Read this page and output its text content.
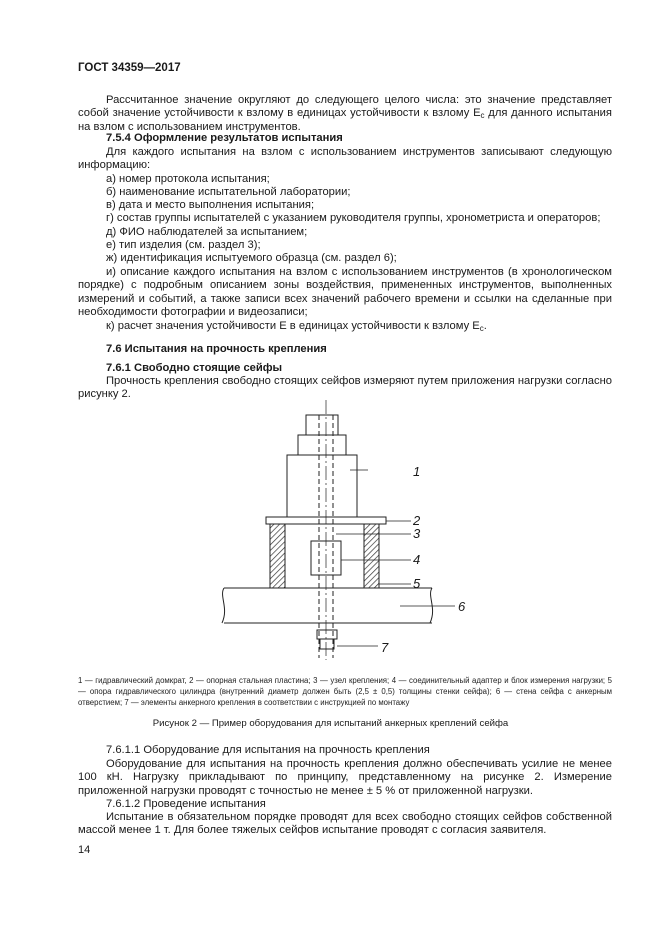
ГОСТ 34359—2017
Рассчитанное значение округляют до следующего целого числа: это значение представляет собой значение устойчивости к взлому в единицах устойчивости к взлому $E_c$ для данного испытания на взлом с использованием инструментов.
7.5.4 Оформление результатов испытания
Для каждого испытания на взлом с использованием инструментов записывают следующую информацию:
а) номер протокола испытания;
б) наименование испытательной лаборатории;
в) дата и место выполнения испытания;
г) состав группы испытателей с указанием руководителя группы, хронометриста и операторов;
д) ФИО наблюдателей за испытанием;
е) тип изделия (см. раздел 3);
ж) идентификация испытуемого образца (см. раздел 6);
и) описание каждого испытания на взлом с использованием инструментов (в хронологическом порядке) с подробным описанием зоны воздействия, примененных инструментов, выполненных измерений и событий, а также записи всех значений рабочего времени и ссылки на сделанные при необходимости фотографии и видеозаписи;
к) расчет значения устойчивости E в единицах устойчивости к взлому $E_c$.
7.6 Испытания на прочность крепления
7.6.1 Свободно стоящие сейфы
Прочность крепления свободно стоящих сейфов измеряют путем приложения нагрузки согласно рисунку 2.
1
2
3
4
5
6
7
1 — гидравлический домкрат, 2 — опорная стальная пластина; 3 — узел крепления; 4 — соединительный адаптер и блок измерения нагрузки; 5 — опора гидравлического цилиндра (внутренний диаметр должен быть (2,5 ± 0,5) толщины стенки сейфа); 6 — стена сейфа с анкерным отверстием; 7 — элементы анкерного крепления в соответствии с инструкцией по монтажу
Рисунок 2 — Пример оборудования для испытаний анкерных креплений сейфа
7.6.1.1 Оборудование для испытания на прочность крепления
Оборудование для испытания на прочность крепления должно обеспечивать усилие не менее 100 кН. Нагрузку прикладывают по принципу, представленному на рисунке 2. Измерение приложенной нагрузки проводят с точностью не менее ± 5 % от приложенной нагрузки.
7.6.1.2 Проведение испытания
Испытание в обязательном порядке проводят для всех свободно стоящих сейфов собственной массой менее 1 т. Для более тяжелых сейфов испытание проводят с согласия заявителя.
14
